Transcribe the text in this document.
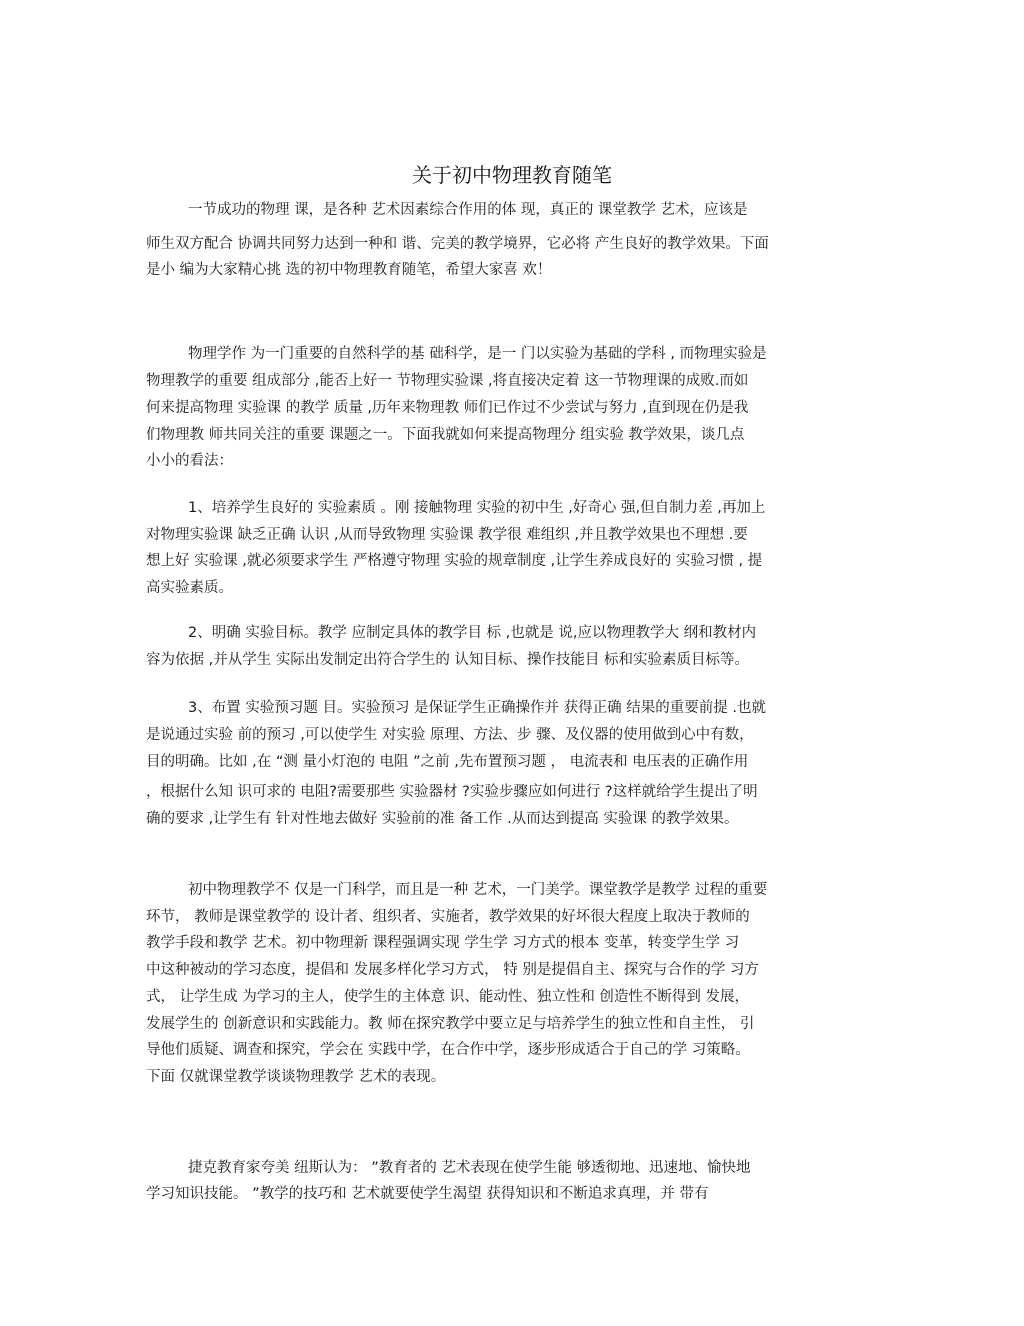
关于初中物理教育随笔
一节成功的物理 课，是各种 艺术因素综合作用的体 现，真正的 课堂教学 艺术，应该是
师生双方配合 协调共同努力达到一种和 谐、完美的教学境界，它必将 产生良好的教学效果。下面
是小 编为大家精心挑 选的初中物理教育随笔，希望大家喜 欢！
物理学作 为一门重要的自然科学的基 础科学，是一 门以实验为基础的学科 , 而物理实验是
物理教学的重要 组成部分 ,能否上好一 节物理实验课 ,将直接决定着 这一节物理课的成败.而如
何来提高物理 实验课 的教学 质量 ,历年来物理教 师们已作过不少尝试与努力 ,直到现在仍是我
们物理教 师共同关注的重要 课题之一。下面我就如何来提高物理分 组实验 教学效果，谈几点
小小的看法：
1、培养学生良好的 实验素质 。刚 接触物理 实验的初中生 ,好奇心 强,但自制力差 ,再加上
对物理实验课 缺乏正确 认识 ,从而导致物理 实验课 教学很 难组织 ,并且教学效果也不理想 .要
想上好 实验课 ,就必须要求学生 严格遵守物理 实验的规章制度 ,让学生养成良好的 实验习惯 , 提
高实验素质。
2、明确 实验目标。教学 应制定具体的教学目 标 ,也就是 说,应以物理教学大 纲和教材内
容为依据 ,并从学生 实际出发制定出符合学生的 认知目标、操作技能目 标和实验素质目标等。
3、布置 实验预习题 目。实验预习 是保证学生正确操作并 获得正确 结果的重要前提 .也就
是说通过实验 前的预习 ,可以使学生 对实验 原理、方法、步 骤、及仪器的使用做到心中有数，
目的明确。比如 ,在 “测 量小灯泡的 电阻 ”之前 ,先布置预习题 ， 电流表和 电压表的正确作用
，根据什么知 识可求的 电阻?需要那些 实验器材 ?实验步骤应如何进行 ?这样就给学生提出了明
确的要求 ,让学生有 针对性地去做好 实验前的准 备工作 .从而达到提高 实验课 的教学效果。
初中物理教学不 仅是一门科学，而且是一种 艺术，一门美学。课堂教学是教学 过程的重要
环节， 教师是课堂教学的 设计者、组织者、实施者，教学效果的好坏很大程度上取决于教师的
教学手段和教学 艺术。初中物理新 课程强调实现 学生学 习方式的根本 变革，转变学生学 习
中这种被动的学习态度，提倡和 发展多样化学习方式， 特 别是提倡自主、探究与合作的学 习方
式， 让学生成 为学习的主人，使学生的主体意 识、能动性、独立性和 创造性不断得到 发展，
发展学生的 创新意识和实践能力。教 师在探究教学中要立足与培养学生的独立性和自主性， 引
导他们质疑、调查和探究，学会在 实践中学，在合作中学，逐步形成适合于自己的学 习策略。
下面 仅就课堂教学谈谈物理教学 艺术的表现。
捷克教育家夸美 纽斯认为： ”教育者的 艺术表现在使学生能 够透彻地、迅速地、愉快地
学习知识技能。 ”教学的技巧和 艺术就要使学生渴望 获得知识和不断追求真理，并 带有
